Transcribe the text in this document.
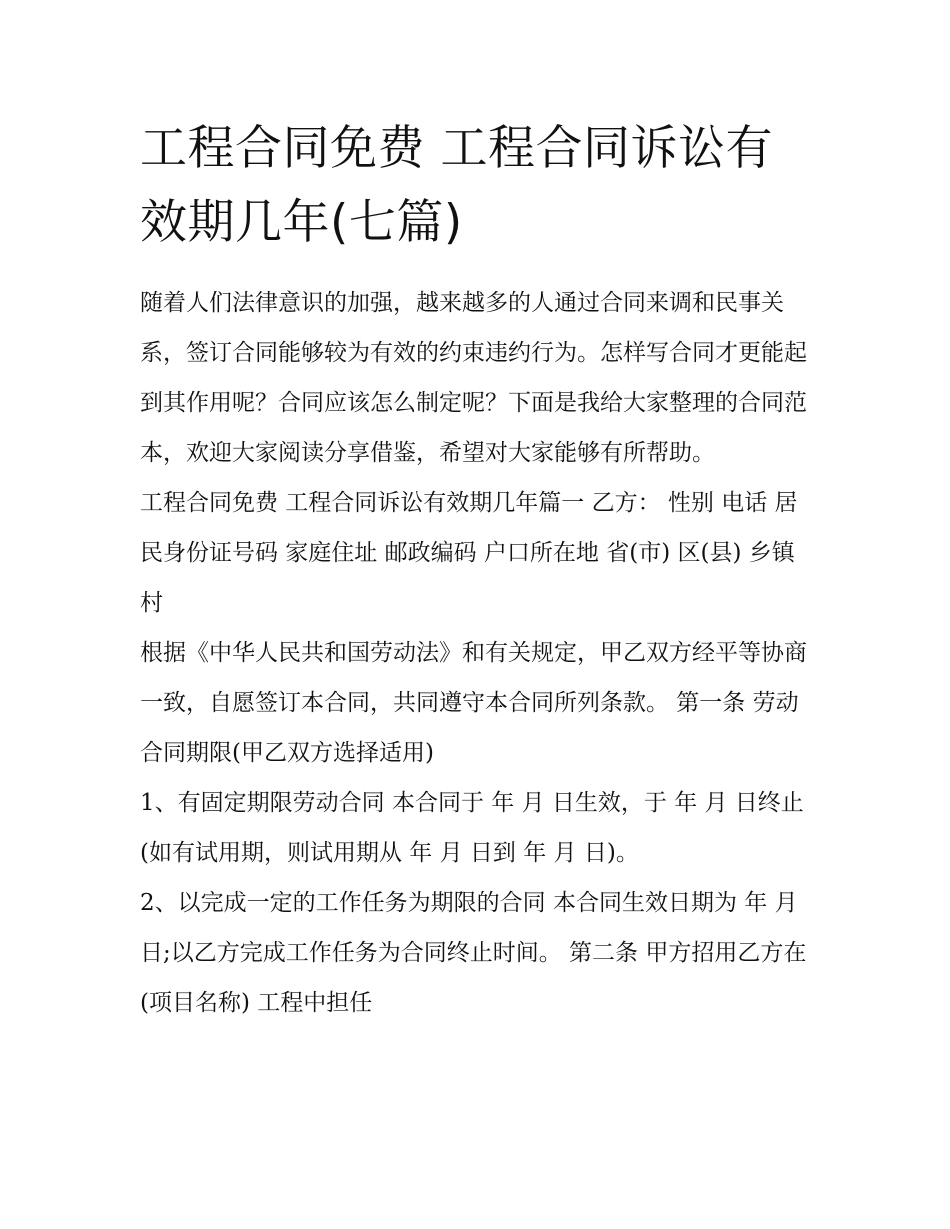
工程合同免费 工程合同诉讼有效期几年(七篇)

随着人们法律意识的加强，越来越多的人通过合同来调和民事关系，签订合同能够较为有效的约束违约行为。怎样写合同才更能起到其作用呢？合同应该怎么制定呢？下面是我给大家整理的合同范本，欢迎大家阅读分享借鉴，希望对大家能够有所帮助。

工程合同免费 工程合同诉讼有效期几年篇一 乙方： 性别 电话 居民身份证号码 家庭住址 邮政编码 户口所在地 省(市) 区(县) 乡镇 村

根据《中华人民共和国劳动法》和有关规定，甲乙双方经平等协商一致，自愿签订本合同，共同遵守本合同所列条款。 第一条 劳动合同期限(甲乙双方选择适用)

1、有固定期限劳动合同 本合同于 年 月 日生效，于 年 月 日终止(如有试用期，则试用期从 年 月 日到 年 月 日)。

2、以完成一定的工作任务为期限的合同 本合同生效日期为 年 月 日;以乙方完成工作任务为合同终止时间。 第二条 甲方招用乙方在 (项目名称) 工程中担任
